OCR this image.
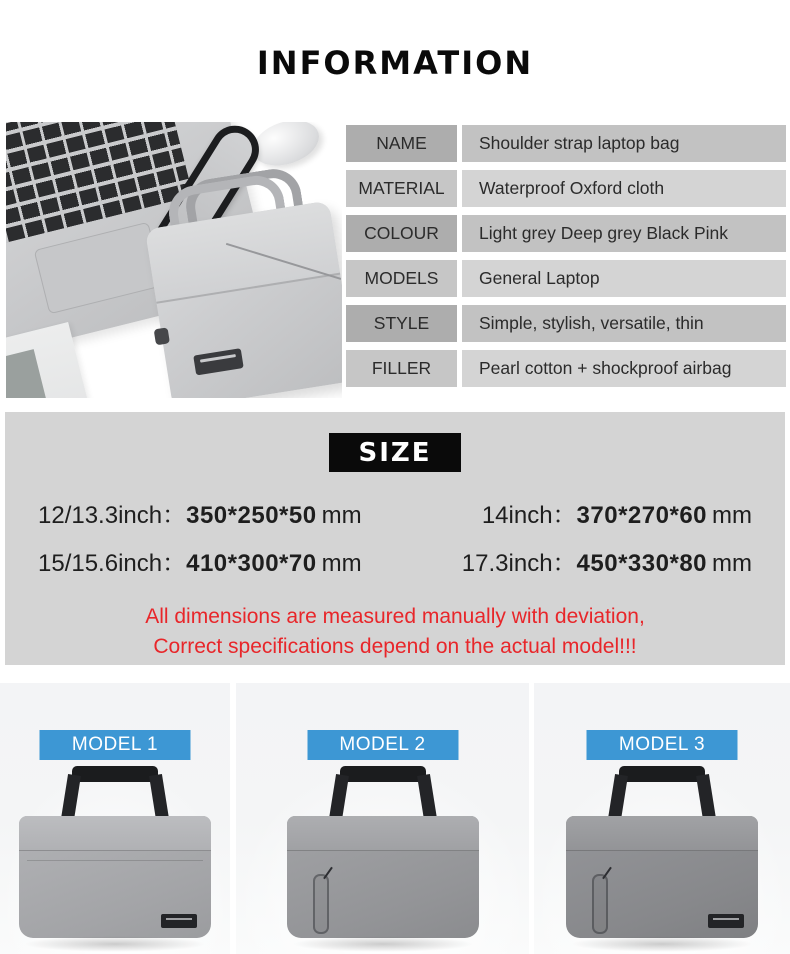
INFORMATION
NAME	Shoulder strap laptop bag
MATERIAL	Waterproof Oxford cloth
COLOUR	Light grey Deep grey Black Pink
MODELS	General Laptop
STYLE	Simple, stylish, versatile, thin
FILLER	Pearl cotton + shockproof airbag
SIZE
12/13.3inch：350*250*50 mm	14inch：370*270*60 mm
15/15.6inch：410*300*70 mm	17.3inch：450*330*80 mm
All dimensions are measured manually with deviation,
Correct specifications depend on the actual model!!!
MODEL 1	MODEL 2	MODEL 3
